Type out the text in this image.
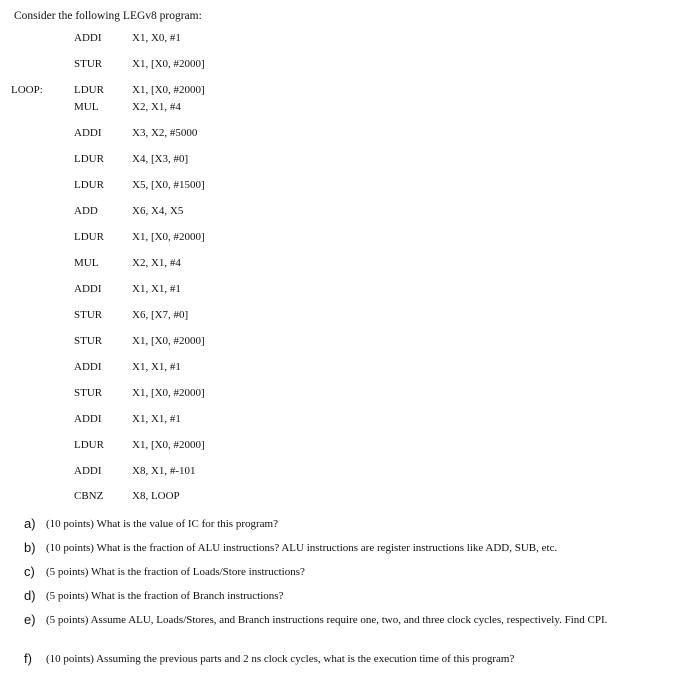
Consider the following LEGv8 program:
ADDI	X1, X0, #1
STUR	X1, [X0, #2000]
LOOP:	LDUR	X1, [X0, #2000]
MUL	X2, X1, #4
ADDI	X3, X2, #5000
LDUR	X4, [X3, #0]
LDUR	X5, [X0, #1500]
ADD	X6, X4, X5
LDUR	X1, [X0, #2000]
MUL	X2, X1, #4
ADDI	X1, X1, #1
STUR	X6, [X7, #0]
STUR	X1, [X0, #2000]
ADDI	X1, X1, #1
STUR	X1, [X0, #2000]
ADDI	X1, X1, #1
LDUR	X1, [X0, #2000]
ADDI	X8, X1, #-101
CBNZ	X8, LOOP
a) (10 points) What is the value of IC for this program?
b) (10 points) What is the fraction of ALU instructions? ALU instructions are register instructions like ADD, SUB, etc.
c) (5 points) What is the fraction of Loads/Store instructions?
d) (5 points) What is the fraction of Branch instructions?
e) (5 points) Assume ALU, Loads/Stores, and Branch instructions require one, two, and three clock cycles, respectively. Find CPI.
f) (10 points) Assuming the previous parts and 2 ns clock cycles, what is the execution time of this program?
